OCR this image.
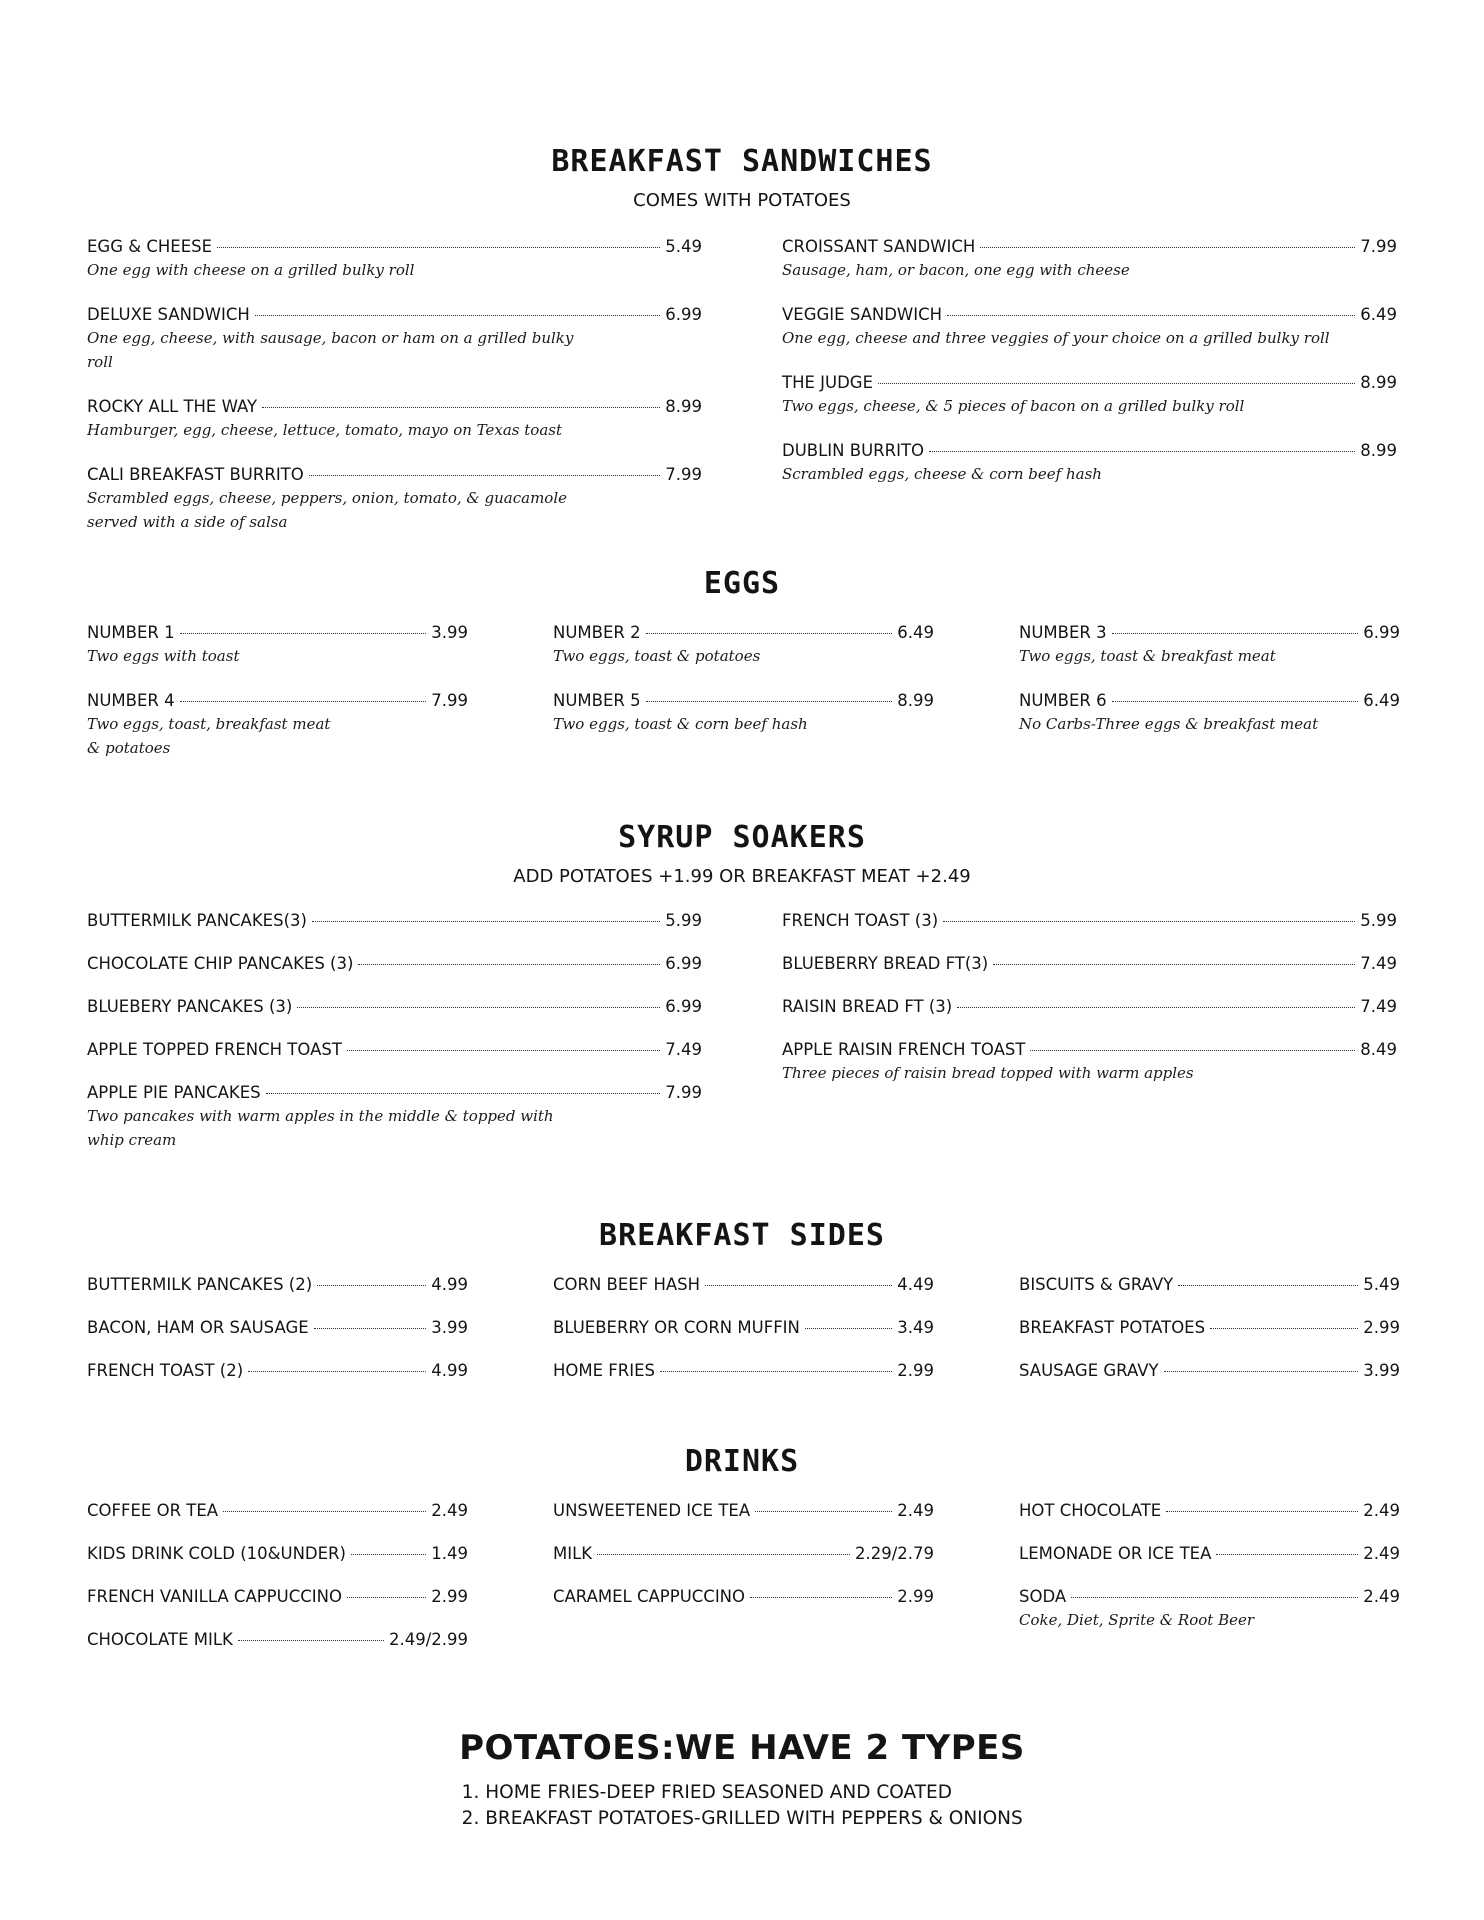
BREAKFAST SANDWICHES
COMES WITH POTATOES
EGG & CHEESE	5.49
One egg with cheese on a grilled bulky roll
DELUXE SANDWICH	6.99
One egg, cheese, with sausage, bacon or ham on a grilled bulky roll
ROCKY ALL THE WAY	8.99
Hamburger, egg, cheese, lettuce, tomato, mayo on Texas toast
CALI BREAKFAST BURRITO	7.99
Scrambled eggs, cheese, peppers, onion, tomato, & guacamole served with a side of salsa
CROISSANT SANDWICH	7.99
Sausage, ham, or bacon, one egg with cheese
VEGGIE SANDWICH	6.49
One egg, cheese and three veggies of your choice on a grilled bulky roll
THE JUDGE	8.99
Two eggs, cheese, & 5 pieces of bacon on a grilled bulky roll
DUBLIN BURRITO	8.99
Scrambled eggs, cheese & corn beef hash
EGGS
NUMBER 1	3.99
Two eggs with toast
NUMBER 4	7.99
Two eggs, toast, breakfast meat & potatoes
NUMBER 2	6.49
Two eggs, toast & potatoes
NUMBER 5	8.99
Two eggs, toast & corn beef hash
NUMBER 3	6.99
Two eggs, toast & breakfast meat
NUMBER 6	6.49
No Carbs-Three eggs & breakfast meat
SYRUP SOAKERS
ADD POTATOES +1.99 OR BREAKFAST MEAT +2.49
BUTTERMILK PANCAKES(3)	5.99
CHOCOLATE CHIP PANCAKES (3)	6.99
BLUEBERY PANCAKES (3)	6.99
APPLE TOPPED FRENCH TOAST	7.49
APPLE PIE PANCAKES	7.99
Two pancakes with warm apples in the middle & topped with whip cream
FRENCH TOAST (3)	5.99
BLUEBERRY BREAD FT(3)	7.49
RAISIN BREAD FT (3)	7.49
APPLE RAISIN FRENCH TOAST	8.49
Three pieces of raisin bread topped with warm apples
BREAKFAST SIDES
BUTTERMILK PANCAKES (2)	4.99
BACON, HAM OR SAUSAGE	3.99
FRENCH TOAST (2)	4.99
CORN BEEF HASH	4.49
BLUEBERRY OR CORN MUFFIN	3.49
HOME FRIES	2.99
BISCUITS & GRAVY	5.49
BREAKFAST POTATOES	2.99
SAUSAGE GRAVY	3.99
DRINKS
COFFEE OR TEA	2.49
KIDS DRINK COLD (10&UNDER)	1.49
FRENCH VANILLA CAPPUCCINO	2.99
CHOCOLATE MILK	2.49/2.99
UNSWEETENED ICE TEA	2.49
MILK	2.29/2.79
CARAMEL CAPPUCCINO	2.99
HOT CHOCOLATE	2.49
LEMONADE OR ICE TEA	2.49
SODA	2.49
Coke, Diet, Sprite & Root Beer
POTATOES:WE HAVE 2 TYPES
1. HOME FRIES-DEEP FRIED SEASONED AND COATED
2. BREAKFAST POTATOES-GRILLED WITH PEPPERS & ONIONS
